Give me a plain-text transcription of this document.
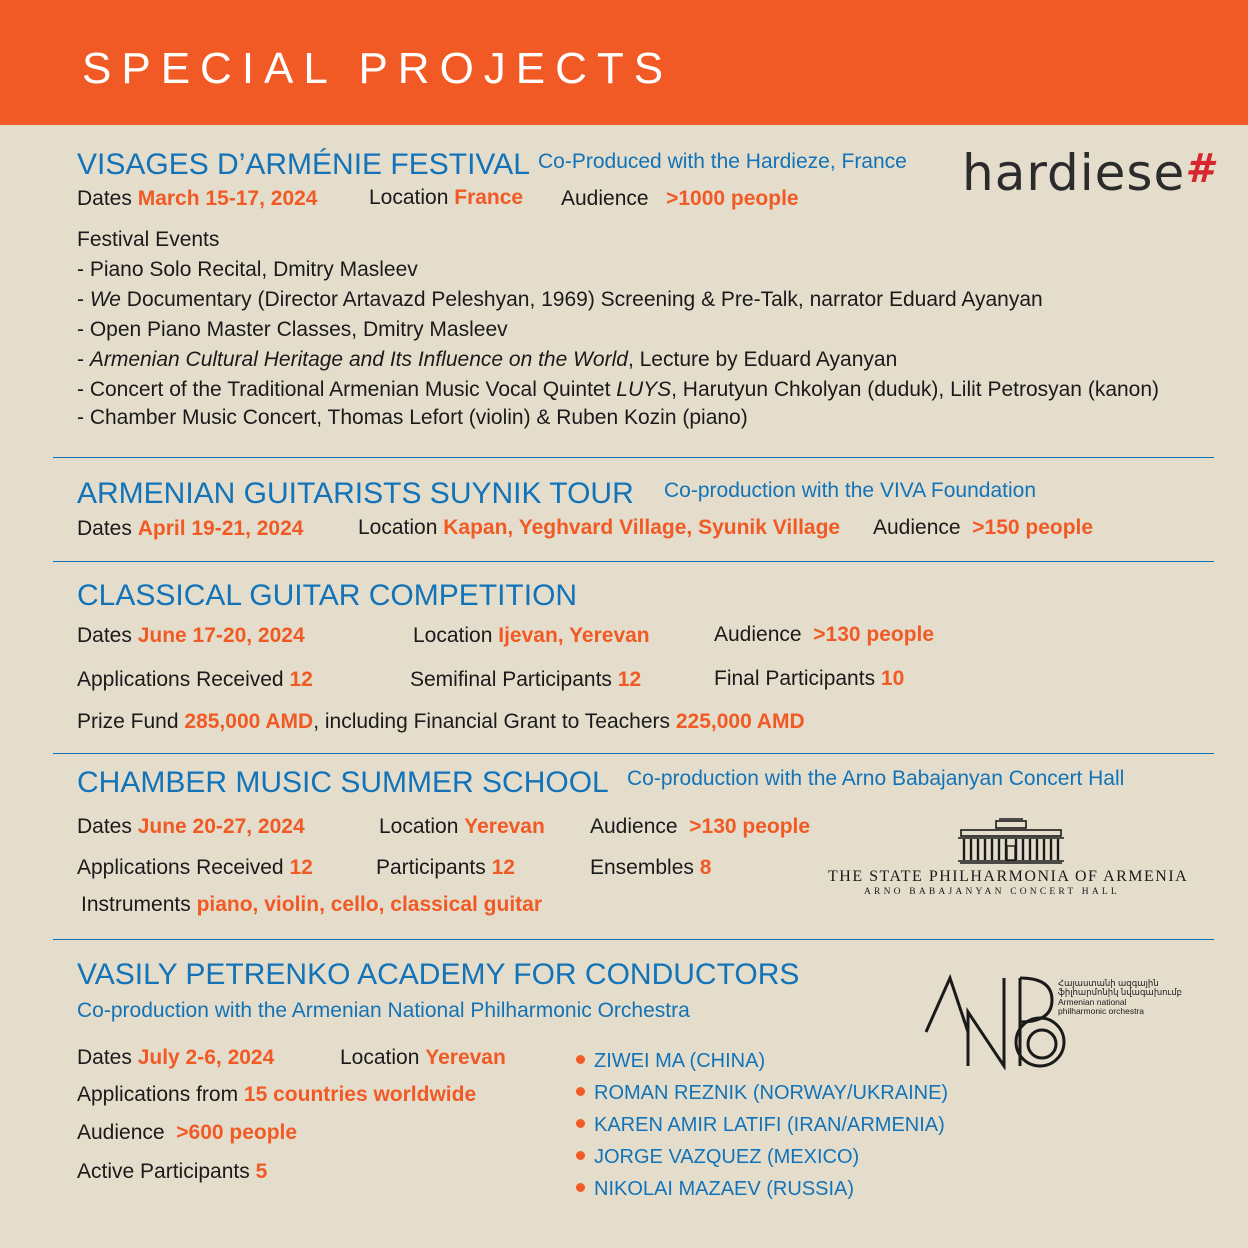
SPECIAL PROJECTS
VISAGES D’ARMÉNIE FESTIVAL Co-Produced with the Hardieze, France hardiese#
Dates March 15-17, 2024 Location France Audience >1000 people
Festival Events
- Piano Solo Recital, Dmitry Masleev
- We Documentary (Director Artavazd Peleshyan, 1969) Screening & Pre-Talk, narrator Eduard Ayanyan
- Open Piano Master Classes, Dmitry Masleev
- Armenian Cultural Heritage and Its Influence on the World, Lecture by Eduard Ayanyan
- Concert of the Traditional Armenian Music Vocal Quintet LUYS, Harutyun Chkolyan (duduk), Lilit Petrosyan (kanon)
- Chamber Music Concert, Thomas Lefort (violin) & Ruben Kozin (piano)
ARMENIAN GUITARISTS SUYNIK TOUR Co-production with the VIVA Foundation
Dates April 19-21, 2024	Location Kapan, Yeghvard Village, Syunik Village Audience >150 people
CLASSICAL GUITAR COMPETITION
Dates June 17-20, 2024	Location Ijevan, Yerevan	Audience >130 people
Applications Received 12	Semifinal Participants 12	Final Participants 10
Prize Fund 285,000 AMD, including Financial Grant to Teachers 225,000 AMD
CHAMBER MUSIC SUMMER SCHOOL Co-production with the Arno Babajanyan Concert Hall
Dates June 20-27, 2024	Location Yerevan Audience >130 people
Applications Received 12	Participants 12	Ensembles 8
Instruments piano, violin, cello, classical guitar
THE STATE PHILHARMONIA OF ARMENIA
ARNO BABAJANYAN CONCERT HALL
VASILY PETRENKO ACADEMY FOR CONDUCTORS
Co-production with the Armenian National Philharmonic Orchestra
Dates July 2-6, 2024	Location Yerevan
Applications from 15 countries worldwide
Audience >600 people
Active Participants 5
ZIWEI MA (CHINA)
ROMAN REZNIK (NORWAY/UKRAINE)
KAREN AMIR LATIFI (IRAN/ARMENIA)
JORGE VAZQUEZ (MEXICO)
NIKOLAI MAZAEV (RUSSIA)
Հայաստանի ազգային
ֆիլհարմոնիկ նվագախումբ
Armenian national
philharmonic orchestra
